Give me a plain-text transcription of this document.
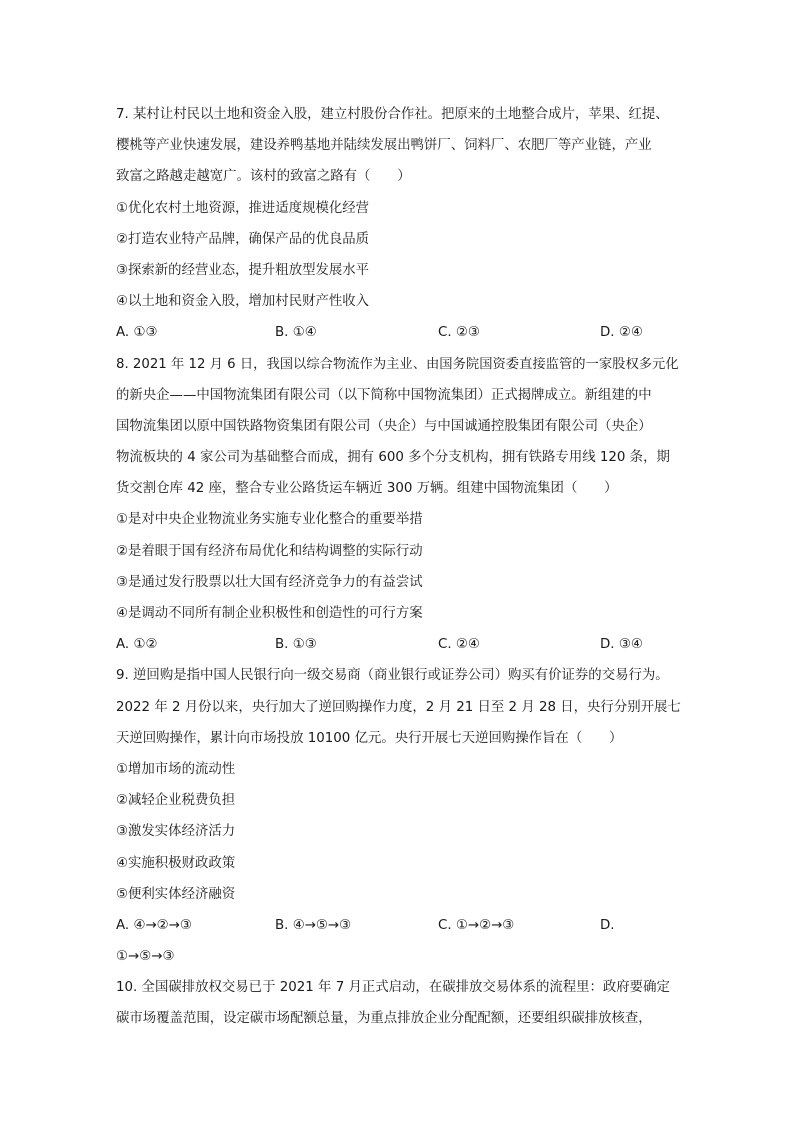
7. 某村让村民以土地和资金入股，建立村股份合作社。把原来的土地整合成片，苹果、红提、
樱桃等产业快速发展，建设养鸭基地并陆续发展出鸭饼厂、饲料厂、农肥厂等产业链，产业
致富之路越走越宽广。该村的致富之路有（　　）
①优化农村土地资源，推进适度规模化经营
②打造农业特产品牌，确保产品的优良品质
③探索新的经营业态，提升粗放型发展水平
④以土地和资金入股，增加村民财产性收入
A. ①③	B. ①④	C. ②③	D. ②④
8. 2021 年 12 月 6 日，我国以综合物流作为主业、由国务院国资委直接监管的一家股权多元化
的新央企——中国物流集团有限公司（以下简称中国物流集团）正式揭牌成立。新组建的中
国物流集团以原中国铁路物资集团有限公司（央企）与中国诚通控股集团有限公司（央企）
物流板块的 4 家公司为基础整合而成，拥有 600 多个分支机构，拥有铁路专用线 120 条，期
货交割仓库 42 座，整合专业公路货运车辆近 300 万辆。组建中国物流集团（　　）
①是对中央企业物流业务实施专业化整合的重要举措
②是着眼于国有经济布局优化和结构调整的实际行动
③是通过发行股票以壮大国有经济竞争力的有益尝试
④是调动不同所有制企业积极性和创造性的可行方案
A. ①②	B. ①③	C. ②④	D. ③④
9. 逆回购是指中国人民银行向一级交易商（商业银行或证券公司）购买有价证券的交易行为。
2022 年 2 月份以来，央行加大了逆回购操作力度，2 月 21 日至 2 月 28 日，央行分别开展七
天逆回购操作，累计向市场投放 10100 亿元。央行开展七天逆回购操作旨在（　　）
①增加市场的流动性
②减轻企业税费负担
③激发实体经济活力
④实施积极财政政策
⑤便利实体经济融资
A. ④→②→③	B. ④→⑤→③	C. ①→②→③	D.
①→⑤→③
10. 全国碳排放权交易已于 2021 年 7 月正式启动，在碳排放交易体系的流程里：政府要确定
碳市场覆盖范围，设定碳市场配额总量，为重点排放企业分配配额，还要组织碳排放核查，
